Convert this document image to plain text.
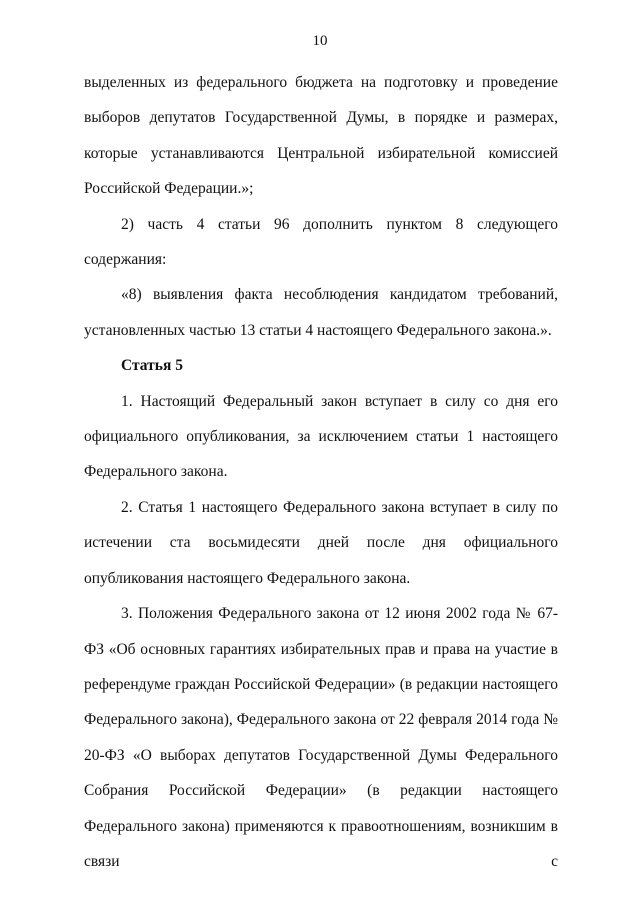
10

выделенных из федерального бюджета на подготовку и проведение выборов депутатов Государственной Думы, в порядке и размерах, которые устанавливаются Центральной избирательной комиссией Российской Федерации.»;

2) часть 4 статьи 96 дополнить пунктом 8 следующего содержания:

«8) выявления факта несоблюдения кандидатом требований, установленных частью 13 статьи 4 настоящего Федерального закона.».

Статья 5

1. Настоящий Федеральный закон вступает в силу со дня его официального опубликования, за исключением статьи 1 настоящего Федерального закона.

2. Статья 1 настоящего Федерального закона вступает в силу по истечении ста восьмидесяти дней после дня официального опубликования настоящего Федерального закона.

3. Положения Федерального закона от 12 июня 2002 года № 67-ФЗ «Об основных гарантиях избирательных прав и права на участие в референдуме граждан Российской Федерации» (в редакции настоящего Федерального закона), Федерального закона от 22 февраля 2014 года № 20-ФЗ «О выборах депутатов Государственной Думы Федерального Собрания Российской Федерации» (в редакции настоящего Федерального закона) применяются к правоотношениям, возникшим в связи с
